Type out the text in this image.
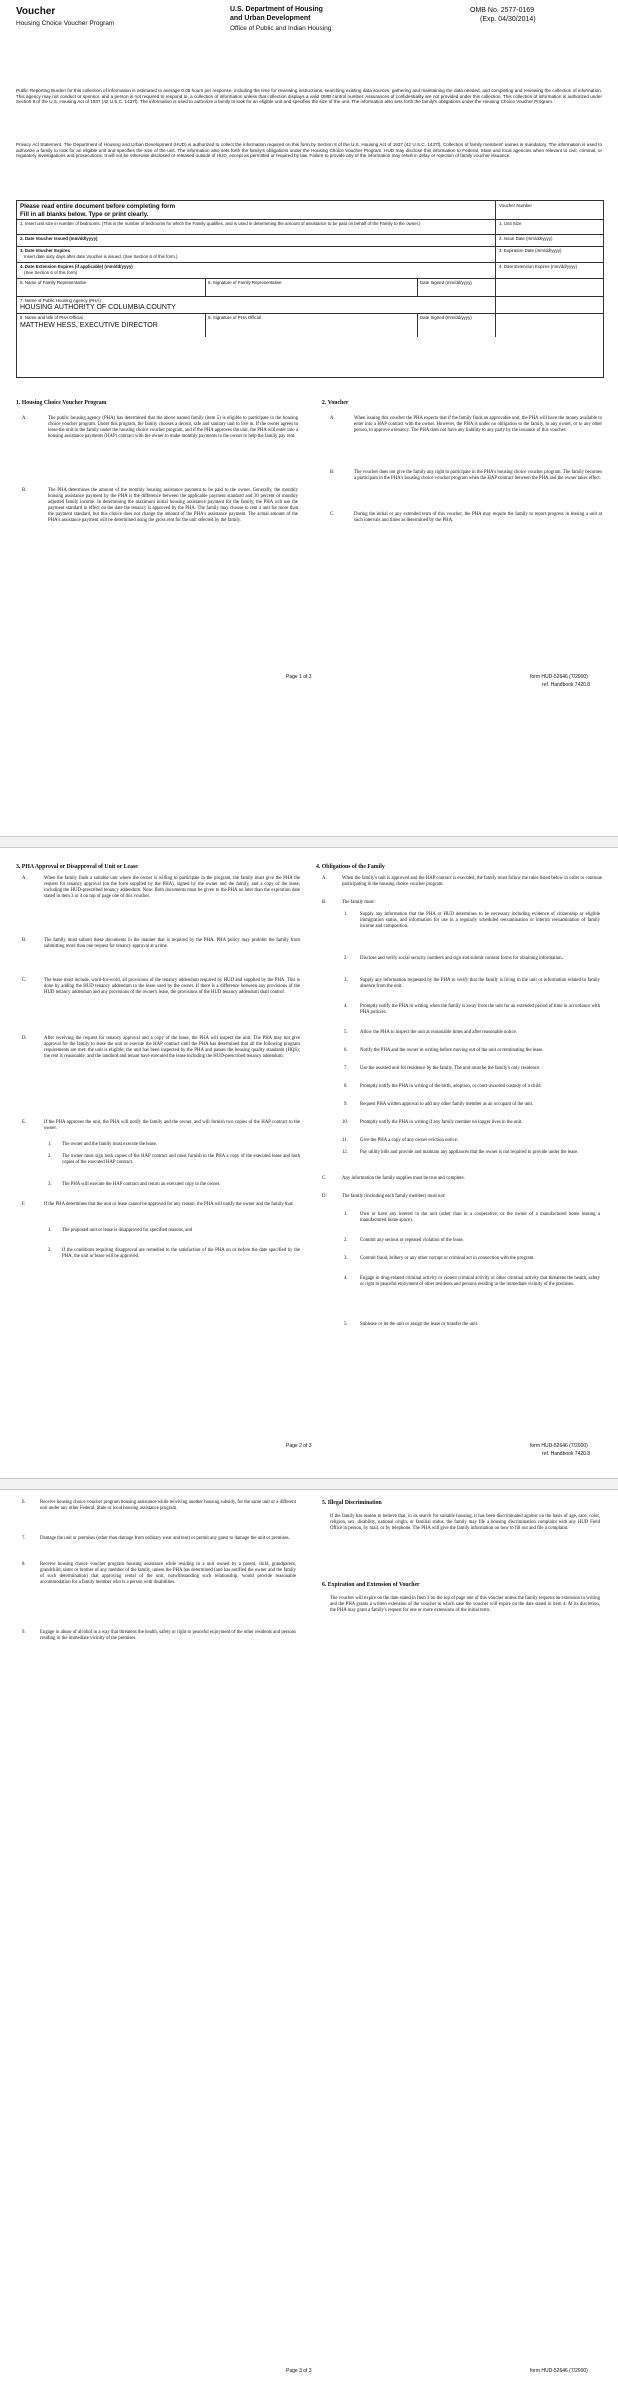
Voucher
Housing Choice Voucher Program
U.S. Department of Housing
and Urban Development
Office of Public and Indian Housing
OMB No. 2577-0169
(Exp. 04/30/2014)
Public Reporting Burden for this collection of information is estimated to average 0.05 hours per response, including the time for reviewing instructions, searching existing data sources, gathering and maintaining the data needed, and completing and reviewing the collection of information. This agency may not conduct or sponsor, and a person is not required to respond to, a collection of information unless that collection displays a valid OMB control number. Assurances of confidentiality are not provided under this collection. This collection of information is authorized under Section 8 of the U.S. Housing Act of 1937 (42 U.S.C. 1437f). The information is used to authorize a family to look for an eligible unit and specifies the size of the unit. The information also sets forth the family's obligations under the Housing Choice Voucher Program.
Privacy Act Statement. The Department of Housing and Urban Development (HUD) is authorized to collect the information required on this form by Section 8 of the U.S. Housing Act of 1937 (42 U.S.C. 1437f). Collection of family members' names is mandatory. The information is used to authorize a family to look for an eligible unit and specifies the size of the unit. The information also sets forth the family's obligations under the Housing Choice Voucher Program. HUD may disclose this information to Federal, State and local agencies when relevant to civil, criminal, or regulatory investigations and prosecutions. It will not be otherwise disclosed or released outside of HUD, except as permitted or required by law. Failure to provide any of the information may result in delay or rejection of family voucher issuance.
Please read entire document before completing form
Fill in all blanks below. Type or print clearly.
Voucher Number
1. Insert unit size in number of bedrooms. (This is the number of bedrooms for which the Family qualifies, and is used in determining the amount of assistance to be paid on behalf of the Family to the owner.)	1. Unit Size
2. Date Voucher Issued (mm/dd/yyyy)	2. Issue Date (mm/dd/yyyy)
3. Date Voucher Expires
Insert date sixty days after date Voucher is issued. (See Section 6 of this form.)
3. Expiration Date (mm/dd/yyyy)
4. Date Extension Expires (if applicable) (mm/dd/yyyy)
(See Section 6 of this form)
4. Date Extension Expires (mm/dd/yyyy)
5. Name of Family Representative	6. Signature of Family Representative	Date Signed (mm/dd/yyyy)
7. Name of Public Housing Agency (PHA)
HOUSING AUTHORITY OF COLUMBIA COUNTY
8. Name and title of PHA Official
MATTHEW HESS, EXECUTIVE DIRECTOR
9. Signature of PHA Official	Date Signed (mm/dd/yyyy)
1. Housing Choice Voucher Program
A.	The public housing agency (PHA) has determined that the above named family (item 5) is eligible to participate in the housing choice voucher program. Under this program, the family chooses a decent, safe and sanitary unit to live in. If the owner agrees to lease the unit to the family under the housing choice voucher program, and if the PHA approves the unit, the PHA will enter into a housing assistance payments (HAP) contract with the owner to make monthly payments to the owner to help the family pay rent.
B.	The PHA determines the amount of the monthly housing assistance payment to be paid to the owner. Generally, the monthly housing assistance payment by the PHA is the difference between the applicable payment standard and 30 percent of monthly adjusted family income. In determining the maximum initial housing assistance payment for the family, the PHA will use the payment standard in effect on the date the tenancy is approved by the PHA. The family may choose to rent a unit for more than the payment standard, but this choice does not change the amount of the PHA's assistance payment. The actual amount of the PHA's assistance payment will be determined using the gross rent for the unit selected by the family.
2. Voucher
A.	When issuing this voucher the PHA expects that if the family finds an approvable unit, the PHA will have the money available to enter into a HAP contract with the owner. However, the PHA is under no obligation to the family, to any owner, or to any other person, to approve a tenancy. The PHA does not have any liability to any party by the issuance of this voucher.
B.	The voucher does not give the family any right to participate in the PHA's housing choice voucher program. The family becomes a participant in the PHA's housing choice voucher program when the HAP contract between the PHA and the owner takes effect.
C.	During the initial or any extended term of this voucher, the PHA may require the family to report progress in leasing a unit at such intervals and times as determined by the PHA.
Page 1 of 3	form HUD-52646 (7/2000)
ref. Handbook 7420.8
3. PHA Approval or Disapproval of Unit or Lease
A.	When the family finds a suitable unit where the owner is willing to participate in the program, the family must give the PHA the request for tenancy approval (on the form supplied by the PHA), signed by the owner and the family, and a copy of the lease, including the HUD-prescribed tenancy addendum. Note: Both documents must be given to the PHA no later than the expiration date stated in item 3 or 4 on top of page one of this voucher.
B.	The family must submit these documents in the manner that is required by the PHA. PHA policy may prohibit the family from submitting more than one request for tenancy approval at a time.
C.	The lease must include, word-for-word, all provisions of the tenancy addendum required by HUD and supplied by the PHA. This is done by adding the HUD tenancy addendum to the lease used by the owner. If there is a difference between any provisions of the HUD tenancy addendum and any provisions of the owner's lease, the provisions of the HUD tenancy addendum shall control.
D.	After receiving the request for tenancy approval and a copy of the lease, the PHA will inspect the unit. The PHA may not give approval for the family to lease the unit or execute the HAP contract until the PHA has determined that all the following program requirements are met: the unit is eligible; the unit has been inspected by the PHA and passes the housing quality standards (HQS); the rent is reasonable; and the landlord and tenant have executed the lease including the HUD-prescribed tenancy addendum.
E.	If the PHA approves the unit, the PHA will notify the family and the owner, and will furnish two copies of the HAP contract to the owner.
1. The owner and the family must execute the lease.
2. The owner must sign both copies of the HAP contract and must furnish to the PHA a copy of the executed lease and both copies of the executed HAP contract.
3. The PHA will execute the HAP contract and return an executed copy to the owner.
F.	If the PHA determines that the unit or lease cannot be approved for any reason, the PHA will notify the owner and the family that:
1. The proposed unit or lease is disapproved for specified reasons, and
2. If the conditions requiring disapproval are remedied to the satisfaction of the PHA on or before the date specified by the PHA, the unit or lease will be approved.
4. Obligations of the Family
A.	When the family's unit is approved and the HAP contract is executed, the family must follow the rules listed below in order to continue participating in the housing choice voucher program.
B.	The family must:
1.	Supply any information that the PHA or HUD determines to be necessary including evidence of citizenship or eligible immigration status, and information for use in a regularly scheduled reexamination or interim reexamination of family income and composition.
2.	Disclose and verify social security numbers and sign and submit consent forms for obtaining information.
3.	Supply any information requested by the PHA to verify that the family is living in the unit or information related to family absence from the unit.
4.	Promptly notify the PHA in writing when the family is away from the unit for an extended period of time in accordance with PHA policies.
5.	Allow the PHA to inspect the unit at reasonable times and after reasonable notice.
6.	Notify the PHA and the owner in writing before moving out of the unit or terminating the lease.
7.	Use the assisted unit for residence by the family. The unit must be the family's only residence.
8.	Promptly notify the PHA in writing of the birth, adoption, or court-awarded custody of a child.
9.	Request PHA written approval to add any other family member as an occupant of the unit.
10.	Promptly notify the PHA in writing if any family member no longer lives in the unit.
11.	Give the PHA a copy of any owner eviction notice.
12.	Pay utility bills and provide and maintain any appliances that the owner is not required to provide under the lease.
C.	Any information the family supplies must be true and complete.
D.	The family (including each family member) must not:
1.	Own or have any interest in the unit (other than in a cooperative, or the owner of a manufactured home leasing a manufactured home space).
2.	Commit any serious or repeated violation of the lease.
3.	Commit fraud, bribery or any other corrupt or criminal act in connection with the program.
4.	Engage in drug-related criminal activity or violent criminal activity or other criminal activity that threatens the health, safety or right to peaceful enjoyment of other residents and persons residing in the immediate vicinity of the premises.
5.	Sublease or let the unit or assign the lease or transfer the unit.
Page 2 of 3	form HUD-52646 (7/2000)
ref. Handbook 7420.8
6.	Receive housing choice voucher program housing assistance while receiving another housing subsidy, for the same unit or a different unit under any other Federal, State or local housing assistance program.
7.	Damage the unit or premises (other than damage from ordinary wear and tear) or permit any guest to damage the unit or premises.
8.	Receive housing choice voucher program housing assistance while residing in a unit owned by a parent, child, grandparent, grandchild, sister or brother of any member of the family, unless the PHA has determined (and has notified the owner and the family of such determination) that approving rental of the unit, notwithstanding such relationship, would provide reasonable accommodation for a family member who is a person with disabilities.
9.	Engage in abuse of alcohol in a way that threatens the health, safety or right to peaceful enjoyment of the other residents and persons residing in the immediate vicinity of the premises.
5. Illegal Discrimination
If the family has reason to believe that, in its search for suitable housing, it has been discriminated against on the basis of age, race, color, religion, sex, disability, national origin, or familial status, the family may file a housing discrimination complaint with any HUD Field Office in person, by mail, or by telephone. The PHA will give the family information on how to fill out and file a complaint.
6. Expiration and Extension of Voucher
The voucher will expire on the date stated in Item 3 on the top of page one of this voucher unless the family requests an extension in writing and the PHA grants a written extension of the voucher in which case the voucher will expire on the date stated in item 4. At its discretion, the PHA may grant a family's request for one or more extensions of the initial term.
Page 3 of 3	form HUD-52646 (7/2000)
